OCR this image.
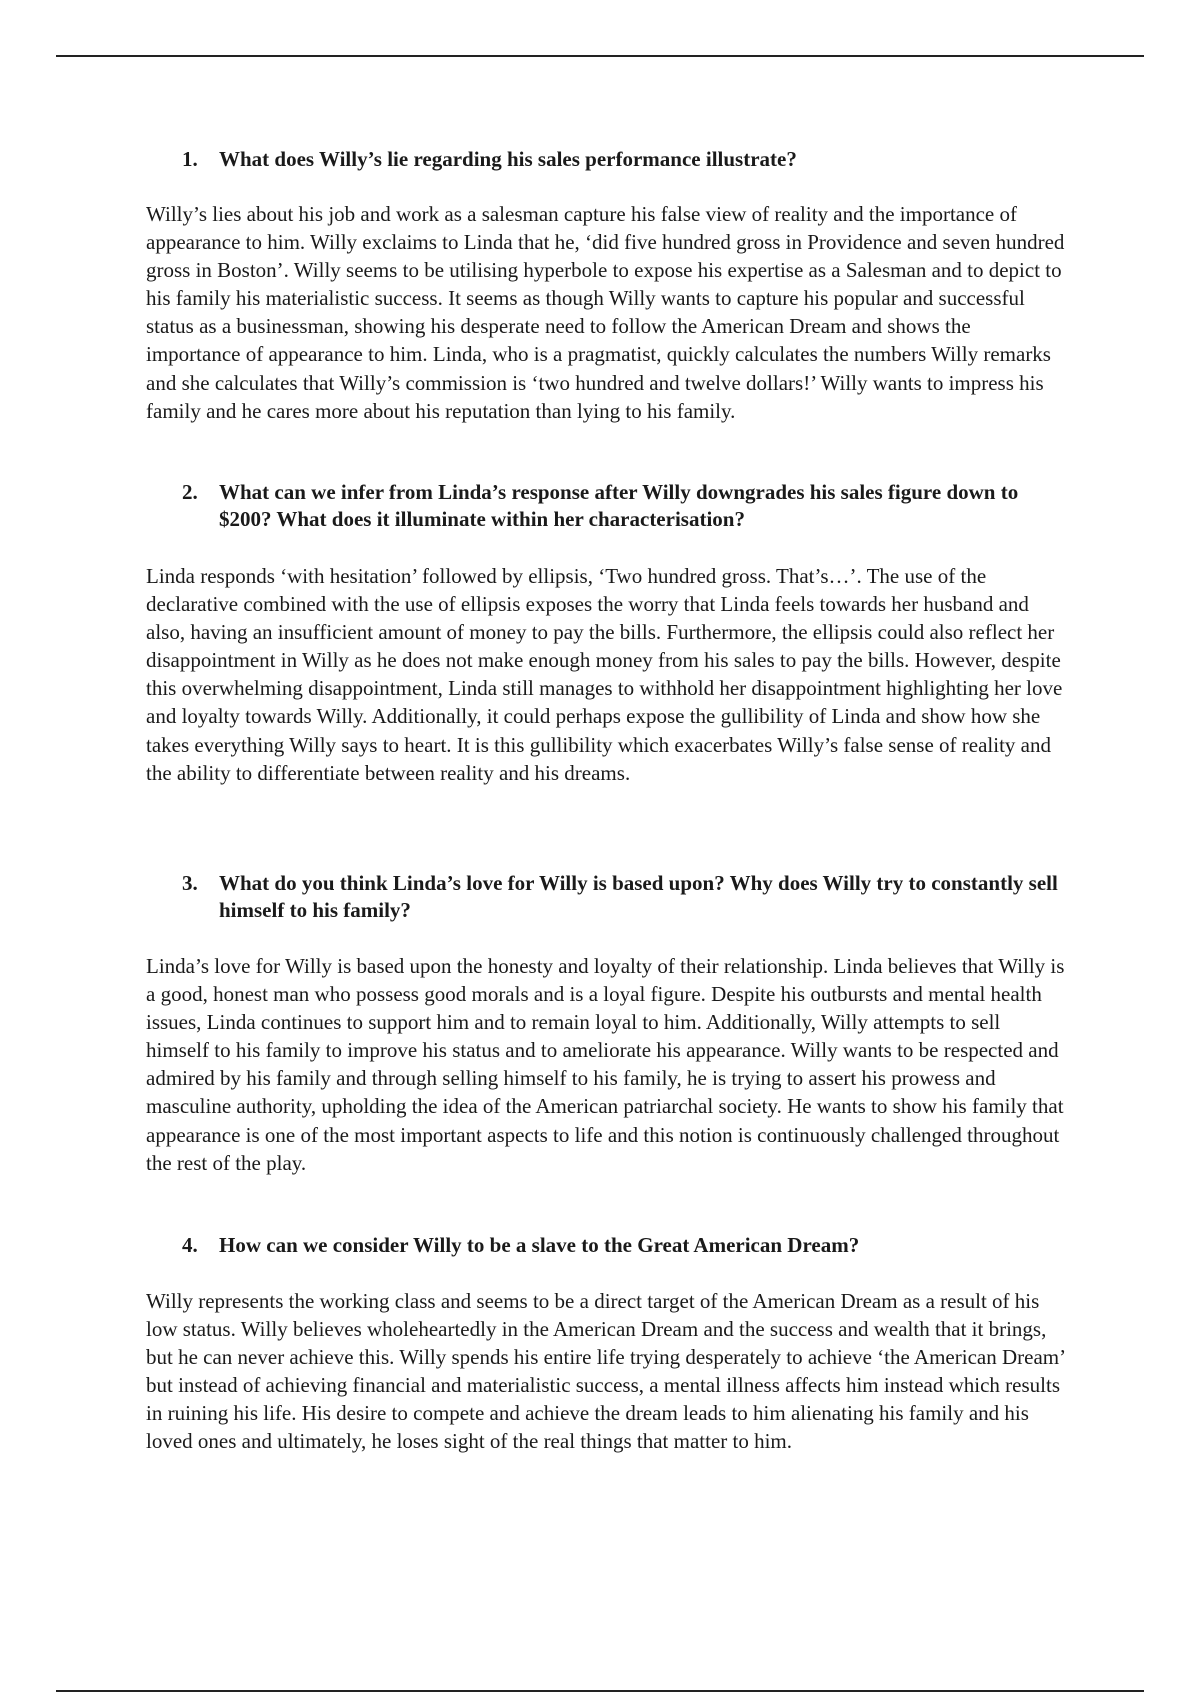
1.	What does Willy’s lie regarding his sales performance illustrate?

Willy’s lies about his job and work as a salesman capture his false view of reality and the importance of appearance to him. Willy exclaims to Linda that he, ‘did five hundred gross in Providence and seven hundred gross in Boston’. Willy seems to be utilising hyperbole to expose his expertise as a Salesman and to depict to his family his materialistic success. It seems as though Willy wants to capture his popular and successful status as a businessman, showing his desperate need to follow the American Dream and shows the importance of appearance to him. Linda, who is a pragmatist, quickly calculates the numbers Willy remarks and she calculates that Willy’s commission is ‘two hundred and twelve dollars!’ Willy wants to impress his family and he cares more about his reputation than lying to his family.

2.	What can we infer from Linda’s response after Willy downgrades his sales figure down to $200? What does it illuminate within her characterisation?

Linda responds ‘with hesitation’ followed by ellipsis, ‘Two hundred gross. That’s…’. The use of the declarative combined with the use of ellipsis exposes the worry that Linda feels towards her husband and also, having an insufficient amount of money to pay the bills. Furthermore, the ellipsis could also reflect her disappointment in Willy as he does not make enough money from his sales to pay the bills. However, despite this overwhelming disappointment, Linda still manages to withhold her disappointment highlighting her love and loyalty towards Willy. Additionally, it could perhaps expose the gullibility of Linda and show how she takes everything Willy says to heart. It is this gullibility which exacerbates Willy’s false sense of reality and the ability to differentiate between reality and his dreams.

3.	What do you think Linda’s love for Willy is based upon? Why does Willy try to constantly sell himself to his family?

Linda’s love for Willy is based upon the honesty and loyalty of their relationship. Linda believes that Willy is a good, honest man who possess good morals and is a loyal figure. Despite his outbursts and mental health issues, Linda continues to support him and to remain loyal to him. Additionally, Willy attempts to sell himself to his family to improve his status and to ameliorate his appearance. Willy wants to be respected and admired by his family and through selling himself to his family, he is trying to assert his prowess and masculine authority, upholding the idea of the American patriarchal society. He wants to show his family that appearance is one of the most important aspects to life and this notion is continuously challenged throughout the rest of the play.

4.	How can we consider Willy to be a slave to the Great American Dream?

Willy represents the working class and seems to be a direct target of the American Dream as a result of his low status. Willy believes wholeheartedly in the American Dream and the success and wealth that it brings, but he can never achieve this. Willy spends his entire life trying desperately to achieve ‘the American Dream’ but instead of achieving financial and materialistic success, a mental illness affects him instead which results in ruining his life. His desire to compete and achieve the dream leads to him alienating his family and his loved ones and ultimately, he loses sight of the real things that matter to him.
